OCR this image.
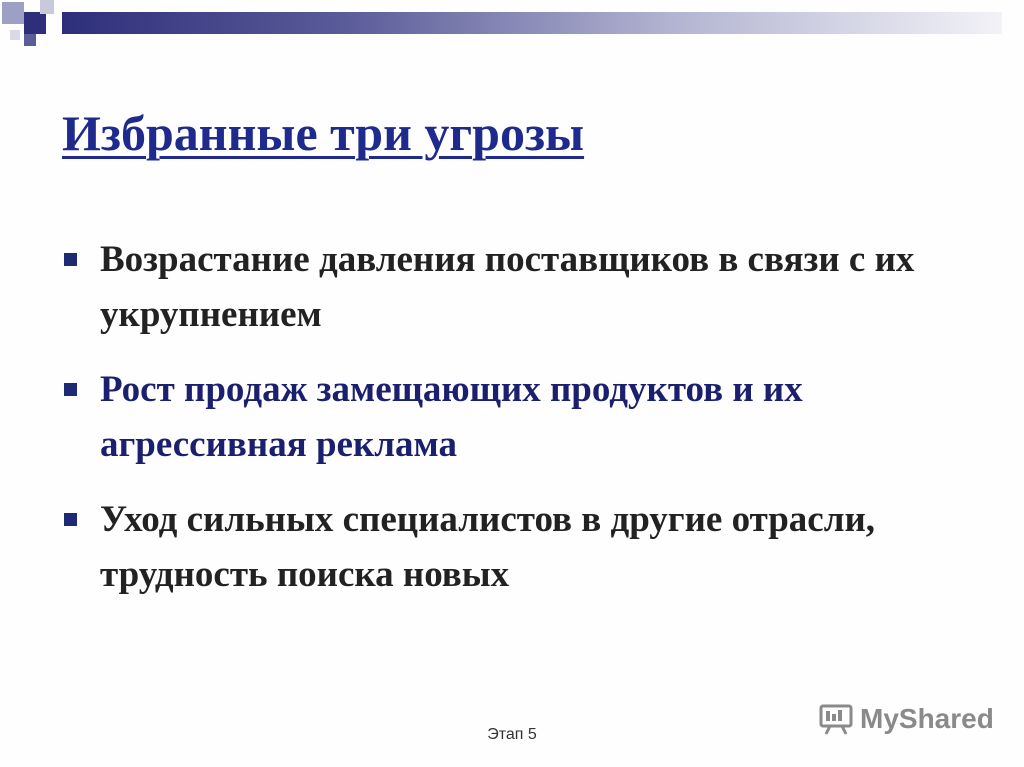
Избранные три угрозы
Возрастание давления поставщиков в связи с их укрупнением
Рост продаж замещающих продуктов и их агрессивная реклама
Уход сильных специалистов в другие отрасли, трудность поиска новых
Этап 5
MyShared
